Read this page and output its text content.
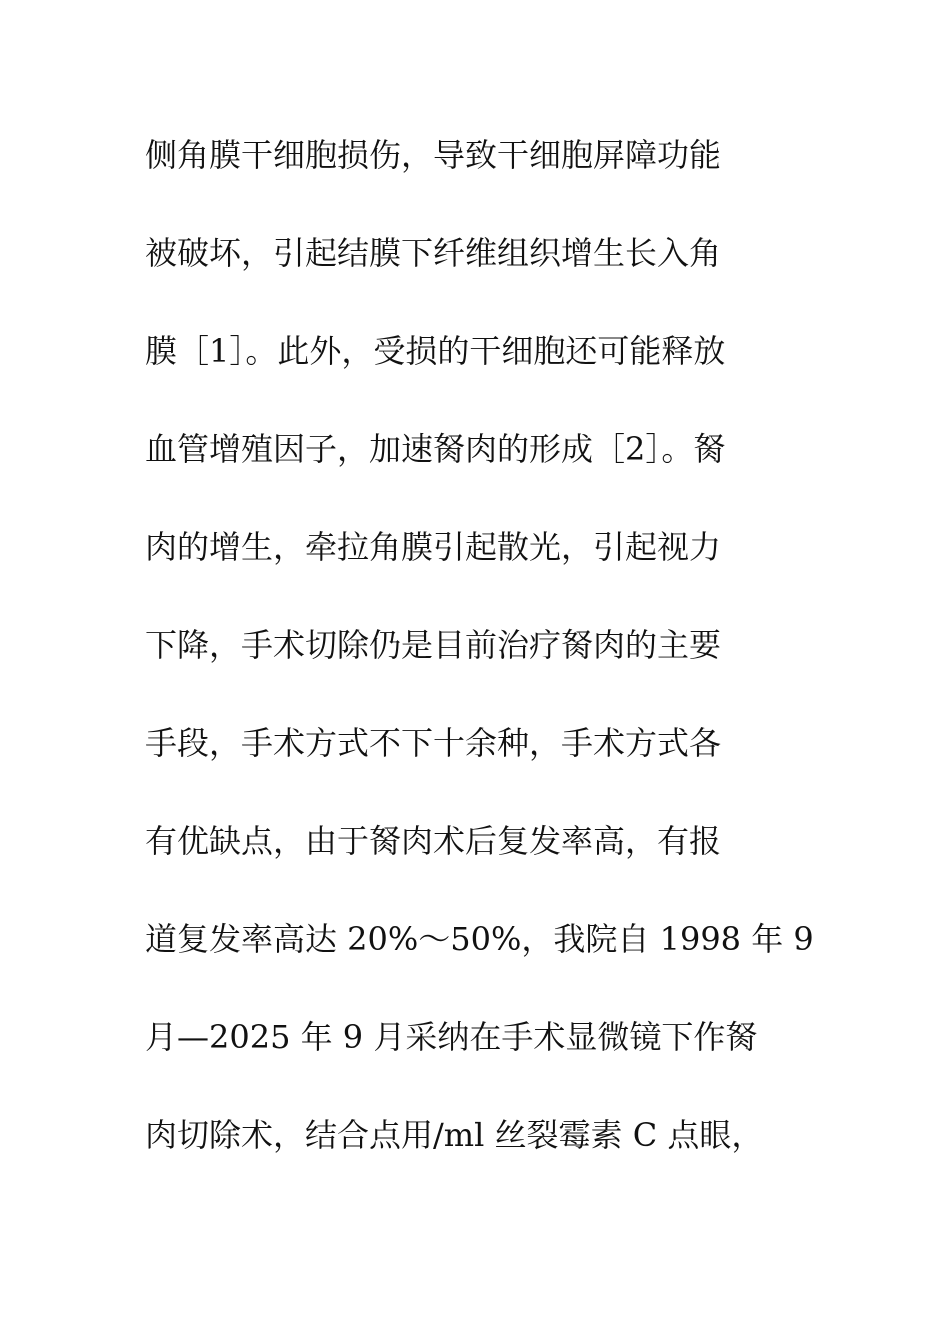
侧角膜干细胞损伤，导致干细胞屏障功能
被破坏，引起结膜下纤维组织增生长入角
膜［1］。此外，受损的干细胞还可能释放
血管增殖因子，加速胬肉的形成［2］。胬
肉的增生，牵拉角膜引起散光，引起视力
下降，手术切除仍是目前治疗胬肉的主要
手段，手术方式不下十余种，手术方式各
有优缺点，由于胬肉术后复发率高，有报
道复发率高达 20%～50%，我院自 1998 年 9
月—2025 年 9 月采纳在手术显微镜下作胬
肉切除术，结合点用/ml 丝裂霉素 C 点眼，
